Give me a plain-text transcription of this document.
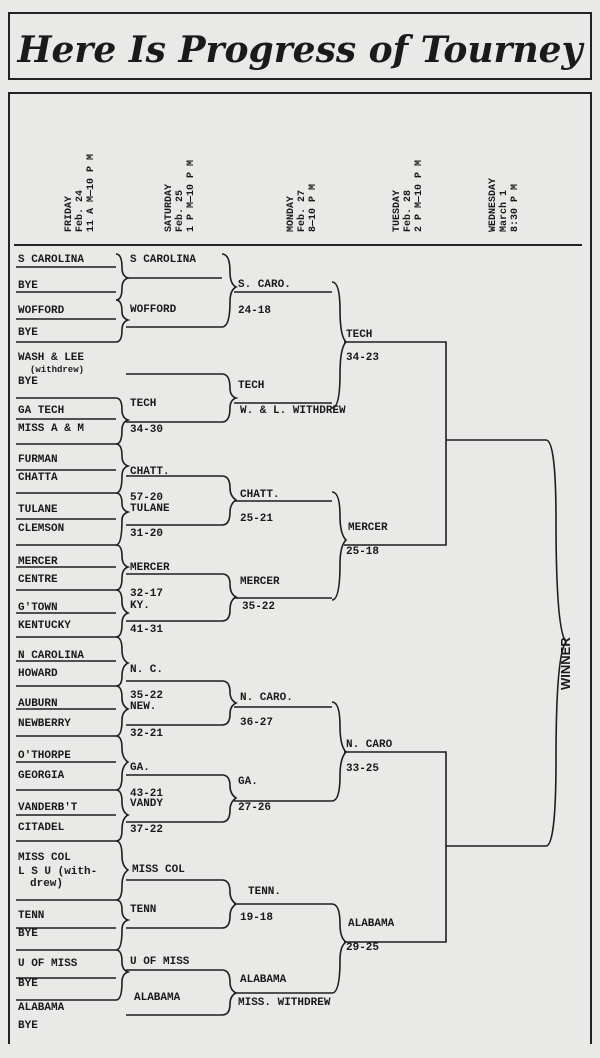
Here Is Progress of Tourney
FRIDAY
Feb. 24
11 A M—10 P M	SATURDAY
Feb. 25
1 P M—10 P M	MONDAY
Feb. 27
8—10 P M	TUESDAY
Feb. 28
2 P M—10 P M	WEDNESDAY
March 1
8:30 P M
S CAROLINA
BYE
WOFFORD
BYE
WASH & LEE
(withdrew)
BYE
GA TECH
MISS A & M
FURMAN
CHATTA
TULANE
CLEMSON
MERCER
CENTRE
G'TOWN
KENTUCKY
N CAROLINA
HOWARD
AUBURN
NEWBERRY
O'THORPE
GEORGIA
VANDERB'T
CITADEL
MISS COL
L S U (with-
drew)
TENN
BYE
U OF MISS
BYE
ALABAMA
BYE
S CAROLINA
WOFFORD
TECH
34-30
CHATT.
57-20
TULANE
31-20
MERCER
32-17
KY.
41-31
N. C.
35-22
NEW.
32-21
GA.
43-21
VANDY
37-22
MISS COL
TENN
U OF MISS
ALABAMA
S. CARO.
24-18
TECH
W. & L. WITHDREW
CHATT.
25-21
MERCER
35-22
N. CARO.
36-27
GA.
27-26
TENN.
19-18
ALABAMA
MISS. WITHDREW
TECH
34-23
MERCER
25-18
N. CARO
33-25
ALABAMA
29-25
WINNER
